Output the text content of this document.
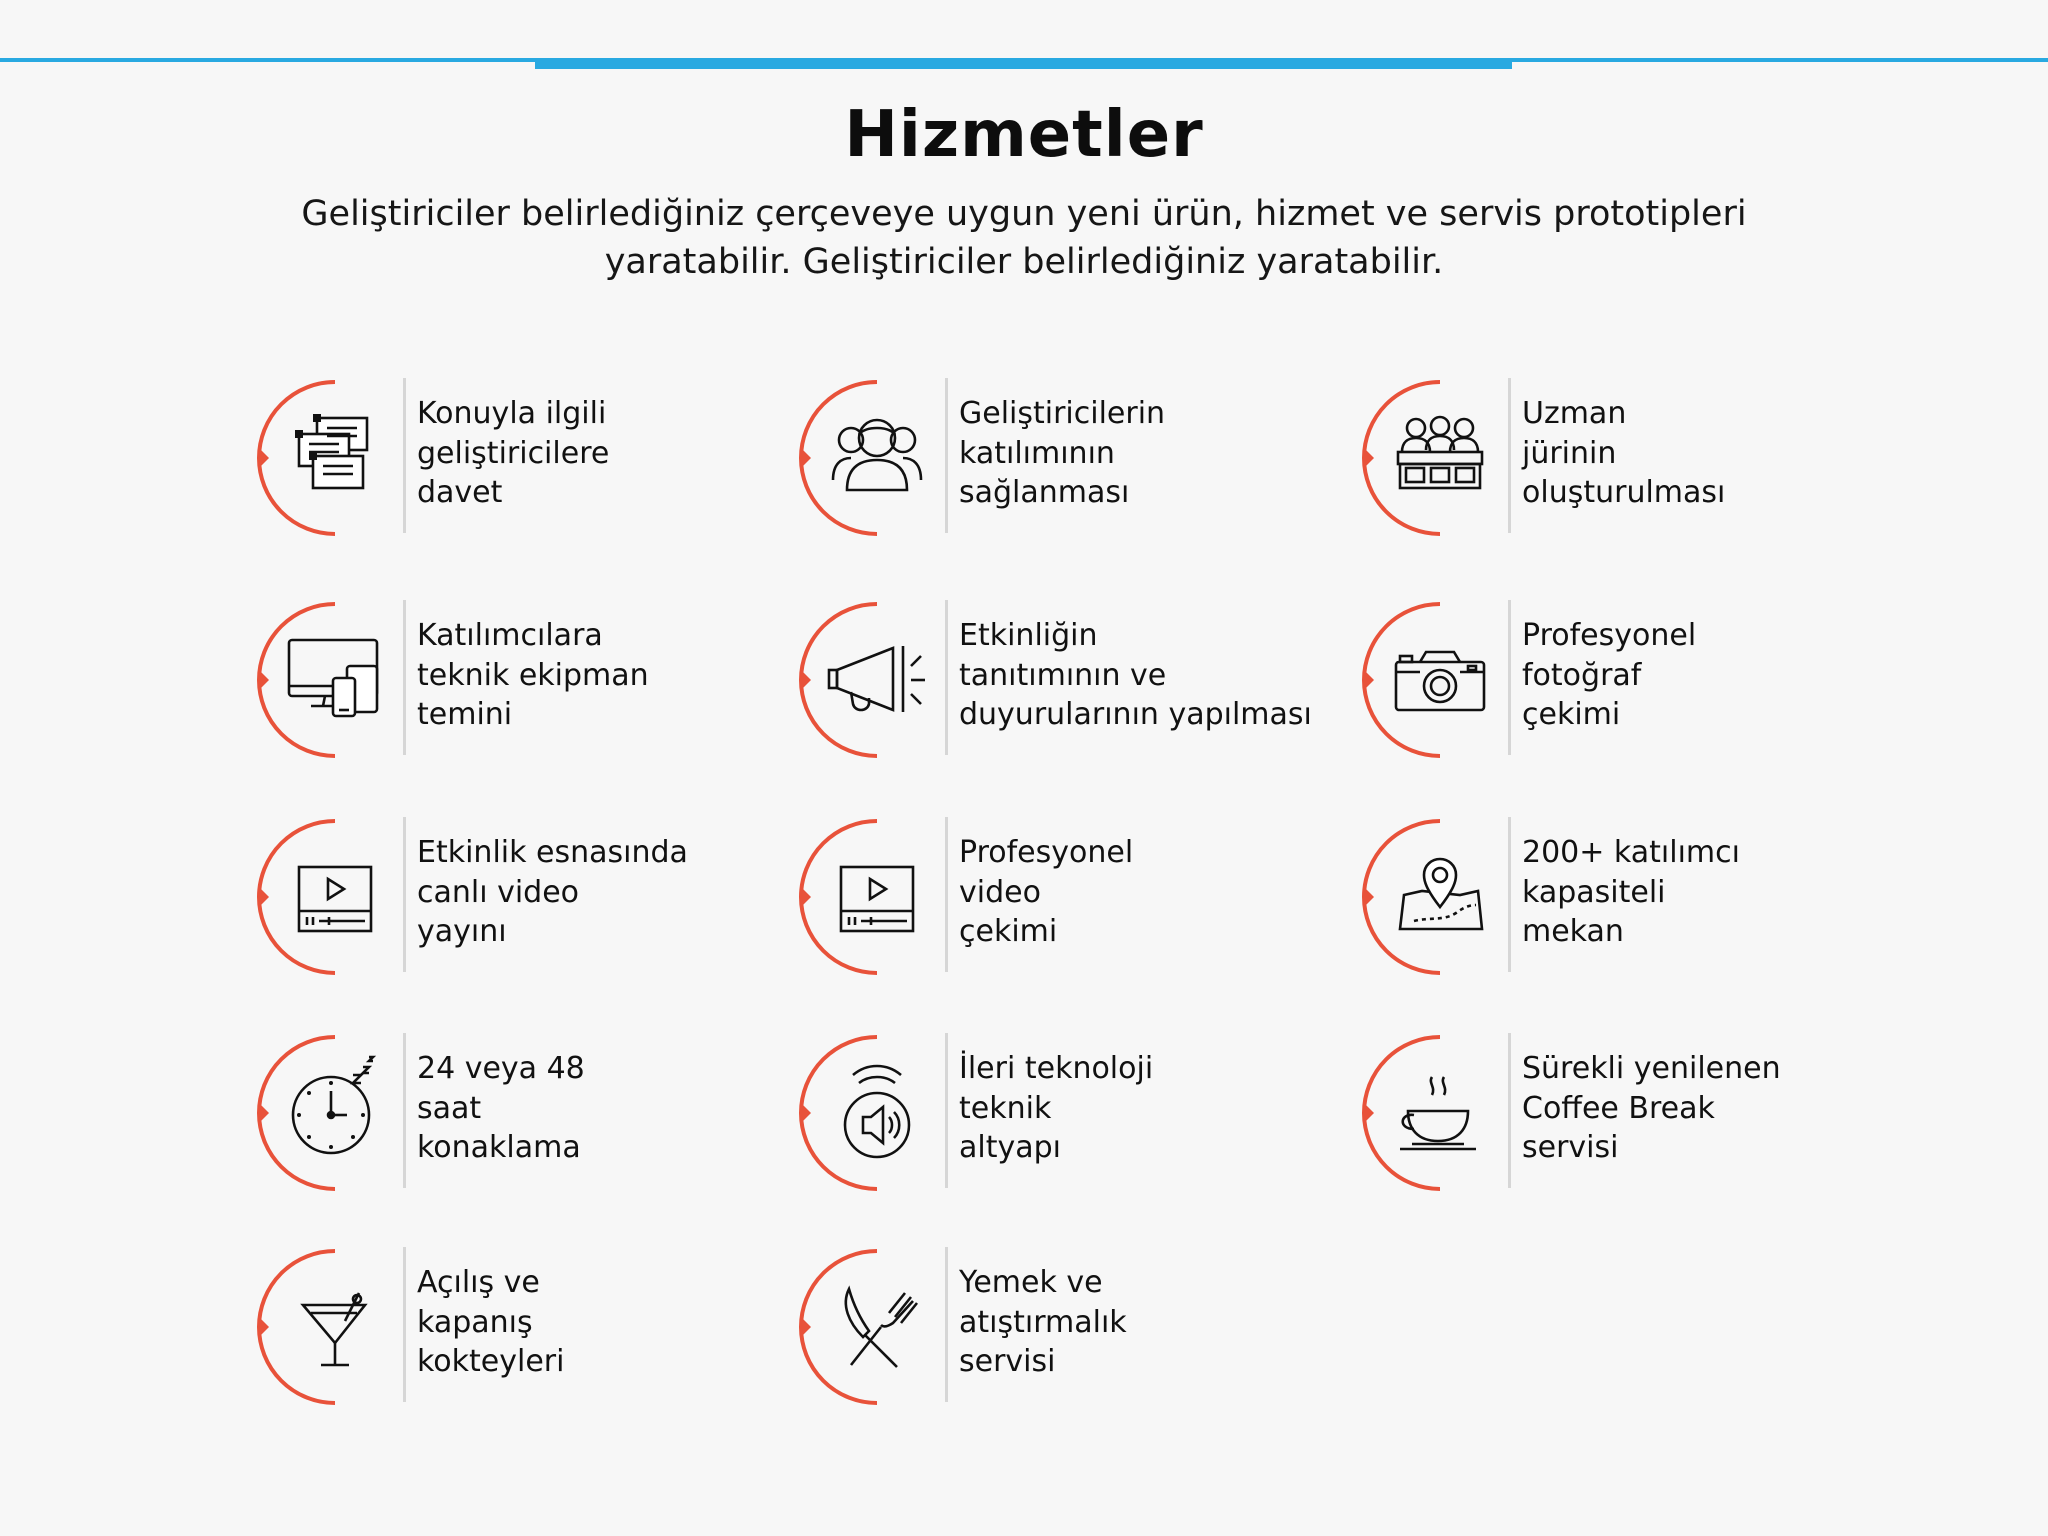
Hizmetler
Geliştiriciler belirlediğiniz çerçeveye uygun yeni ürün, hizmet ve servis prototipleri yaratabilir. Geliştiriciler belirlediğiniz yaratabilir.
Konuyla ilgili
geliştiricilere
davet
Geliştiricilerin
katılımının
sağlanması
Uzman
jürinin
oluşturulması
Katılımcılara
teknik ekipman
temini
Etkinliğin
tanıtımının ve
duyurularının yapılması
Profesyonel
fotoğraf
çekimi
Etkinlik esnasında
canlı video
yayını
Profesyonel
video
çekimi
200+ katılımcı
kapasiteli
mekan
24 veya 48
saat
konaklama
İleri teknoloji
teknik
altyapı
Sürekli yenilenen
Coffee Break
servisi
Açılış ve
kapanış
kokteyleri
Yemek ve
atıştırmalık
servisi
